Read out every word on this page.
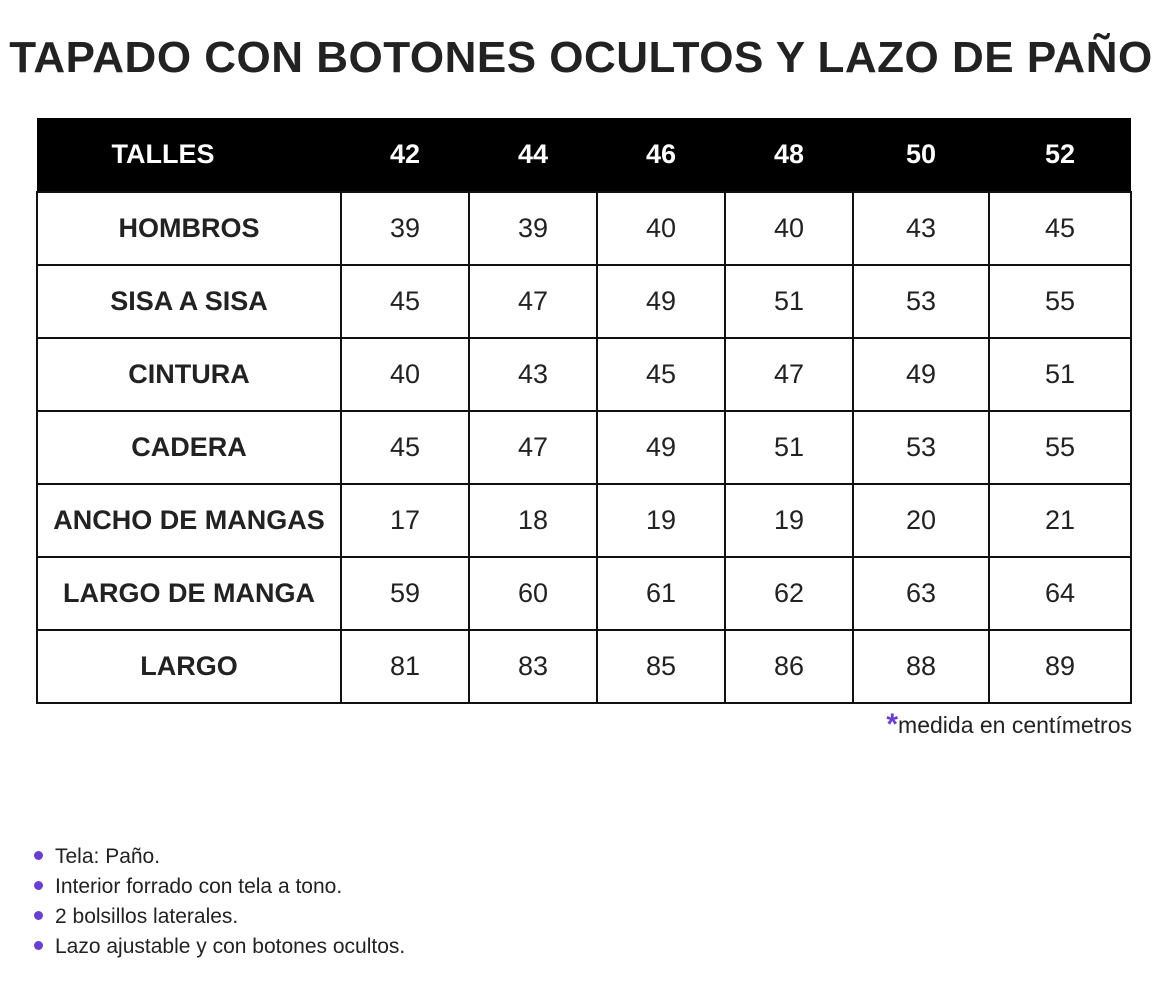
TAPADO CON BOTONES OCULTOS Y LAZO DE PAÑO
TALLES	42	44	46	48	50	52
HOMBROS	39	39	40	40	43	45
SISA A SISA	45	47	49	51	53	55
CINTURA	40	43	45	47	49	51
CADERA	45	47	49	51	53	55
ANCHO DE MANGAS	17	18	19	19	20	21
LARGO DE MANGA	59	60	61	62	63	64
LARGO	81	83	85	86	88	89
*medida en centímetros
Tela: Paño.
Interior forrado con tela a tono.
2 bolsillos laterales.
Lazo ajustable y con botones ocultos.
